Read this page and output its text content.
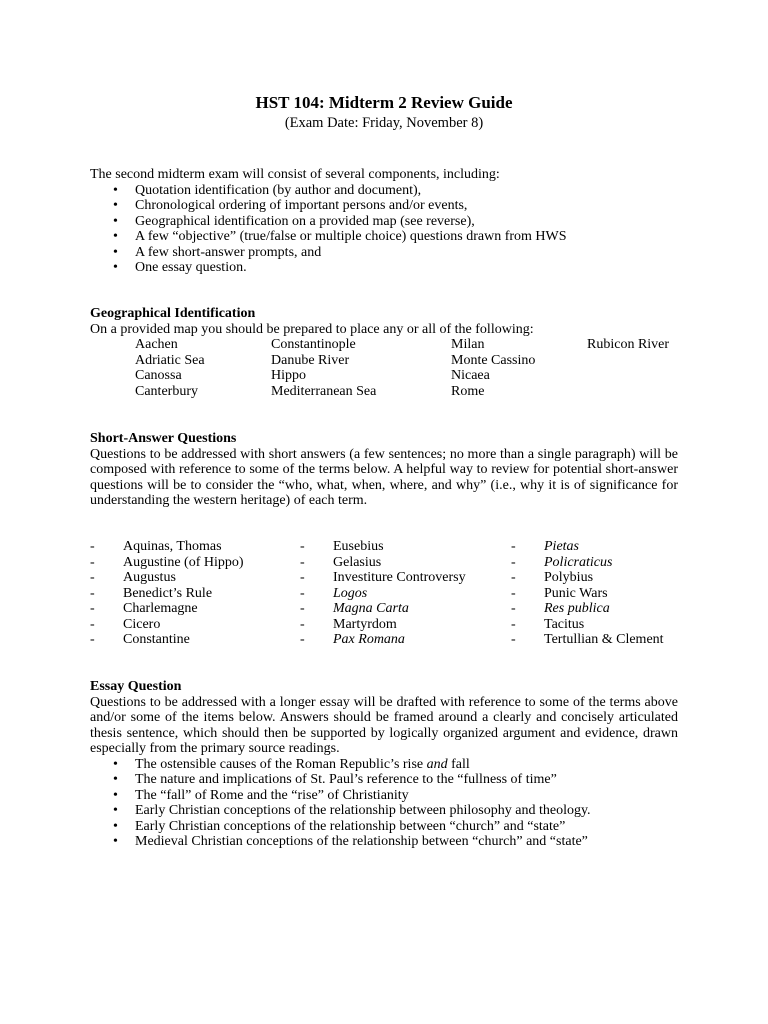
HST 104: Midterm 2 Review Guide
(Exam Date: Friday, November 8)
The second midterm exam will consist of several components, including:
• Quotation identification (by author and document),
• Chronological ordering of important persons and/or events,
• Geographical identification on a provided map (see reverse),
• A few “objective” (true/false or multiple choice) questions drawn from HWS
• A few short-answer prompts, and
• One essay question.
Geographical Identification
On a provided map you should be prepared to place any or all of the following:
Aachen
Adriatic Sea
Canossa
Canterbury
Constantinople
Danube River
Hippo
Mediterranean Sea
Milan
Monte Cassino
Nicaea
Rome
Rubicon River
Short-Answer Questions
Questions to be addressed with short answers (a few sentences; no more than a single paragraph) will be composed with reference to some of the terms below. A helpful way to review for potential short-answer questions will be to consider the “who, what, when, where, and why” (i.e., why it is of significance for understanding the western heritage) of each term.
- Aquinas, Thomas
- Augustine (of Hippo)
- Augustus
- Benedict’s Rule
- Charlemagne
- Cicero
- Constantine
- Eusebius
- Gelasius
- Investiture Controversy
- Logos
- Magna Carta
- Martyrdom
- Pax Romana
- Pietas
- Policraticus
- Polybius
- Punic Wars
- Res publica
- Tacitus
- Tertullian & Clement
Essay Question
Questions to be addressed with a longer essay will be drafted with reference to some of the terms above and/or some of the items below. Answers should be framed around a clearly and concisely articulated thesis sentence, which should then be supported by logically organized argument and evidence, drawn especially from the primary source readings.
• The ostensible causes of the Roman Republic’s rise and fall
• The nature and implications of St. Paul’s reference to the “fullness of time”
• The “fall” of Rome and the “rise” of Christianity
• Early Christian conceptions of the relationship between philosophy and theology.
• Early Christian conceptions of the relationship between “church” and “state”
• Medieval Christian conceptions of the relationship between “church” and “state”
